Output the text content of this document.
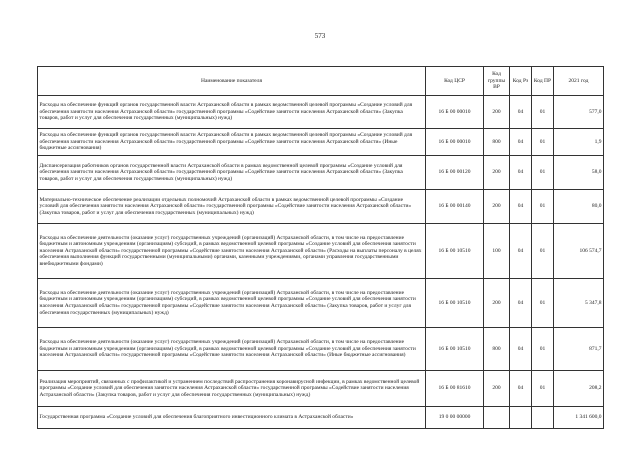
573
Наименование показателя	Код ЦСР	Код группы ВР	Код Рз	Код ПР	2021 год
Расходы на обеспечение функций органов государственной власти Астраханской области в рамках ведомственной целевой программы «Создание условий для обеспечения занятости населения Астраханской области» государственной программы «Содействие занятости населения Астраханской области» (Закупка товаров, работ и услуг для обеспечения государственных (муниципальных) нужд)	16 Б 00 00010	200	04	01	577,0
Расходы на обеспечение функций органов государственной власти Астраханской области в рамках ведомственной целевой программы «Создание условий для обеспечения занятости населения Астраханской области» государственной программы «Содействие занятости населения Астраханской области» (Иные бюджетные ассигнования)	16 Б 00 00010	800	04	01	1,9
Диспансеризация работников органов государственной власти Астраханской области в рамках ведомственной целевой программы «Создание условий для обеспечения занятости населения Астраханской области» государственной программы «Содействие занятости населения Астраханской области» (Закупка товаров, работ и услуг для обеспечения государственных (муниципальных) нужд)	16 Б 00 00120	200	04	01	58,0
Материально-техническое обеспечение реализации отдельных полномочий Астраханской области в рамках ведомственной целевой программы «Создание условий для обеспечения занятости населения Астраханской области» государственной программы «Содействие занятости населения Астраханской области» (Закупка товаров, работ и услуг для обеспечения государственных (муниципальных) нужд)	16 Б 00 00140	200	04	01	80,0
Расходы на обеспечение деятельности (оказание услуг) государственных учреждений (организаций) Астраханской области, в том числе на предоставление бюджетным и автономным учреждениям (организациям) субсидий, в рамках ведомственной целевой программы «Создание условий для обеспечения занятости населения Астраханской области» государственной программы «Содействие занятости населения Астраханской области» (Расходы на выплаты персоналу в целях обеспечения выполнения функций государственными (муниципальными) органами, казенными учреждениями, органами управления государственными внебюджетными фондами)	16 Б 00 10510	100	04	01	106 574,7
Расходы на обеспечение деятельности (оказание услуг) государственных учреждений (организаций) Астраханской области, в том числе на предоставление бюджетным и автономным учреждениям (организациям) субсидий, в рамках ведомственной целевой программы «Создание условий для обеспечения занятости населения Астраханской области» государственной программы «Содействие занятости населения Астраханской области» (Закупка товаров, работ и услуг для обеспечения государственных (муниципальных) нужд)	16 Б 00 10510	200	04	01	5 347,8
Расходы на обеспечение деятельности (оказание услуг) государственных учреждений (организаций) Астраханской области, в том числе на предоставление бюджетным и автономным учреждениям (организациям) субсидий, в рамках ведомственной целевой программы «Создание условий для обеспечения занятости населения Астраханской области» государственной программы «Содействие занятости населения Астраханской области» (Иные бюджетные ассигнования)	16 Б 00 10510	800	04	01	871,7
Реализация мероприятий, связанных с профилактикой и устранением последствий распространения коронавирусной инфекции, в рамках ведомственной целевой программы «Создание условий для обеспечения занятости населения Астраханской области» государственной программы «Содействие занятости населения Астраханской области» (Закупка товаров, работ и услуг для обеспечения государственных (муниципальных) нужд)	16 Б 00 81610	200	04	01	208,2
Государственная программа «Создание условий для обеспечения благоприятного инвестиционного климата в Астраханской области»	19 0 00 00000				1 341 600,0
